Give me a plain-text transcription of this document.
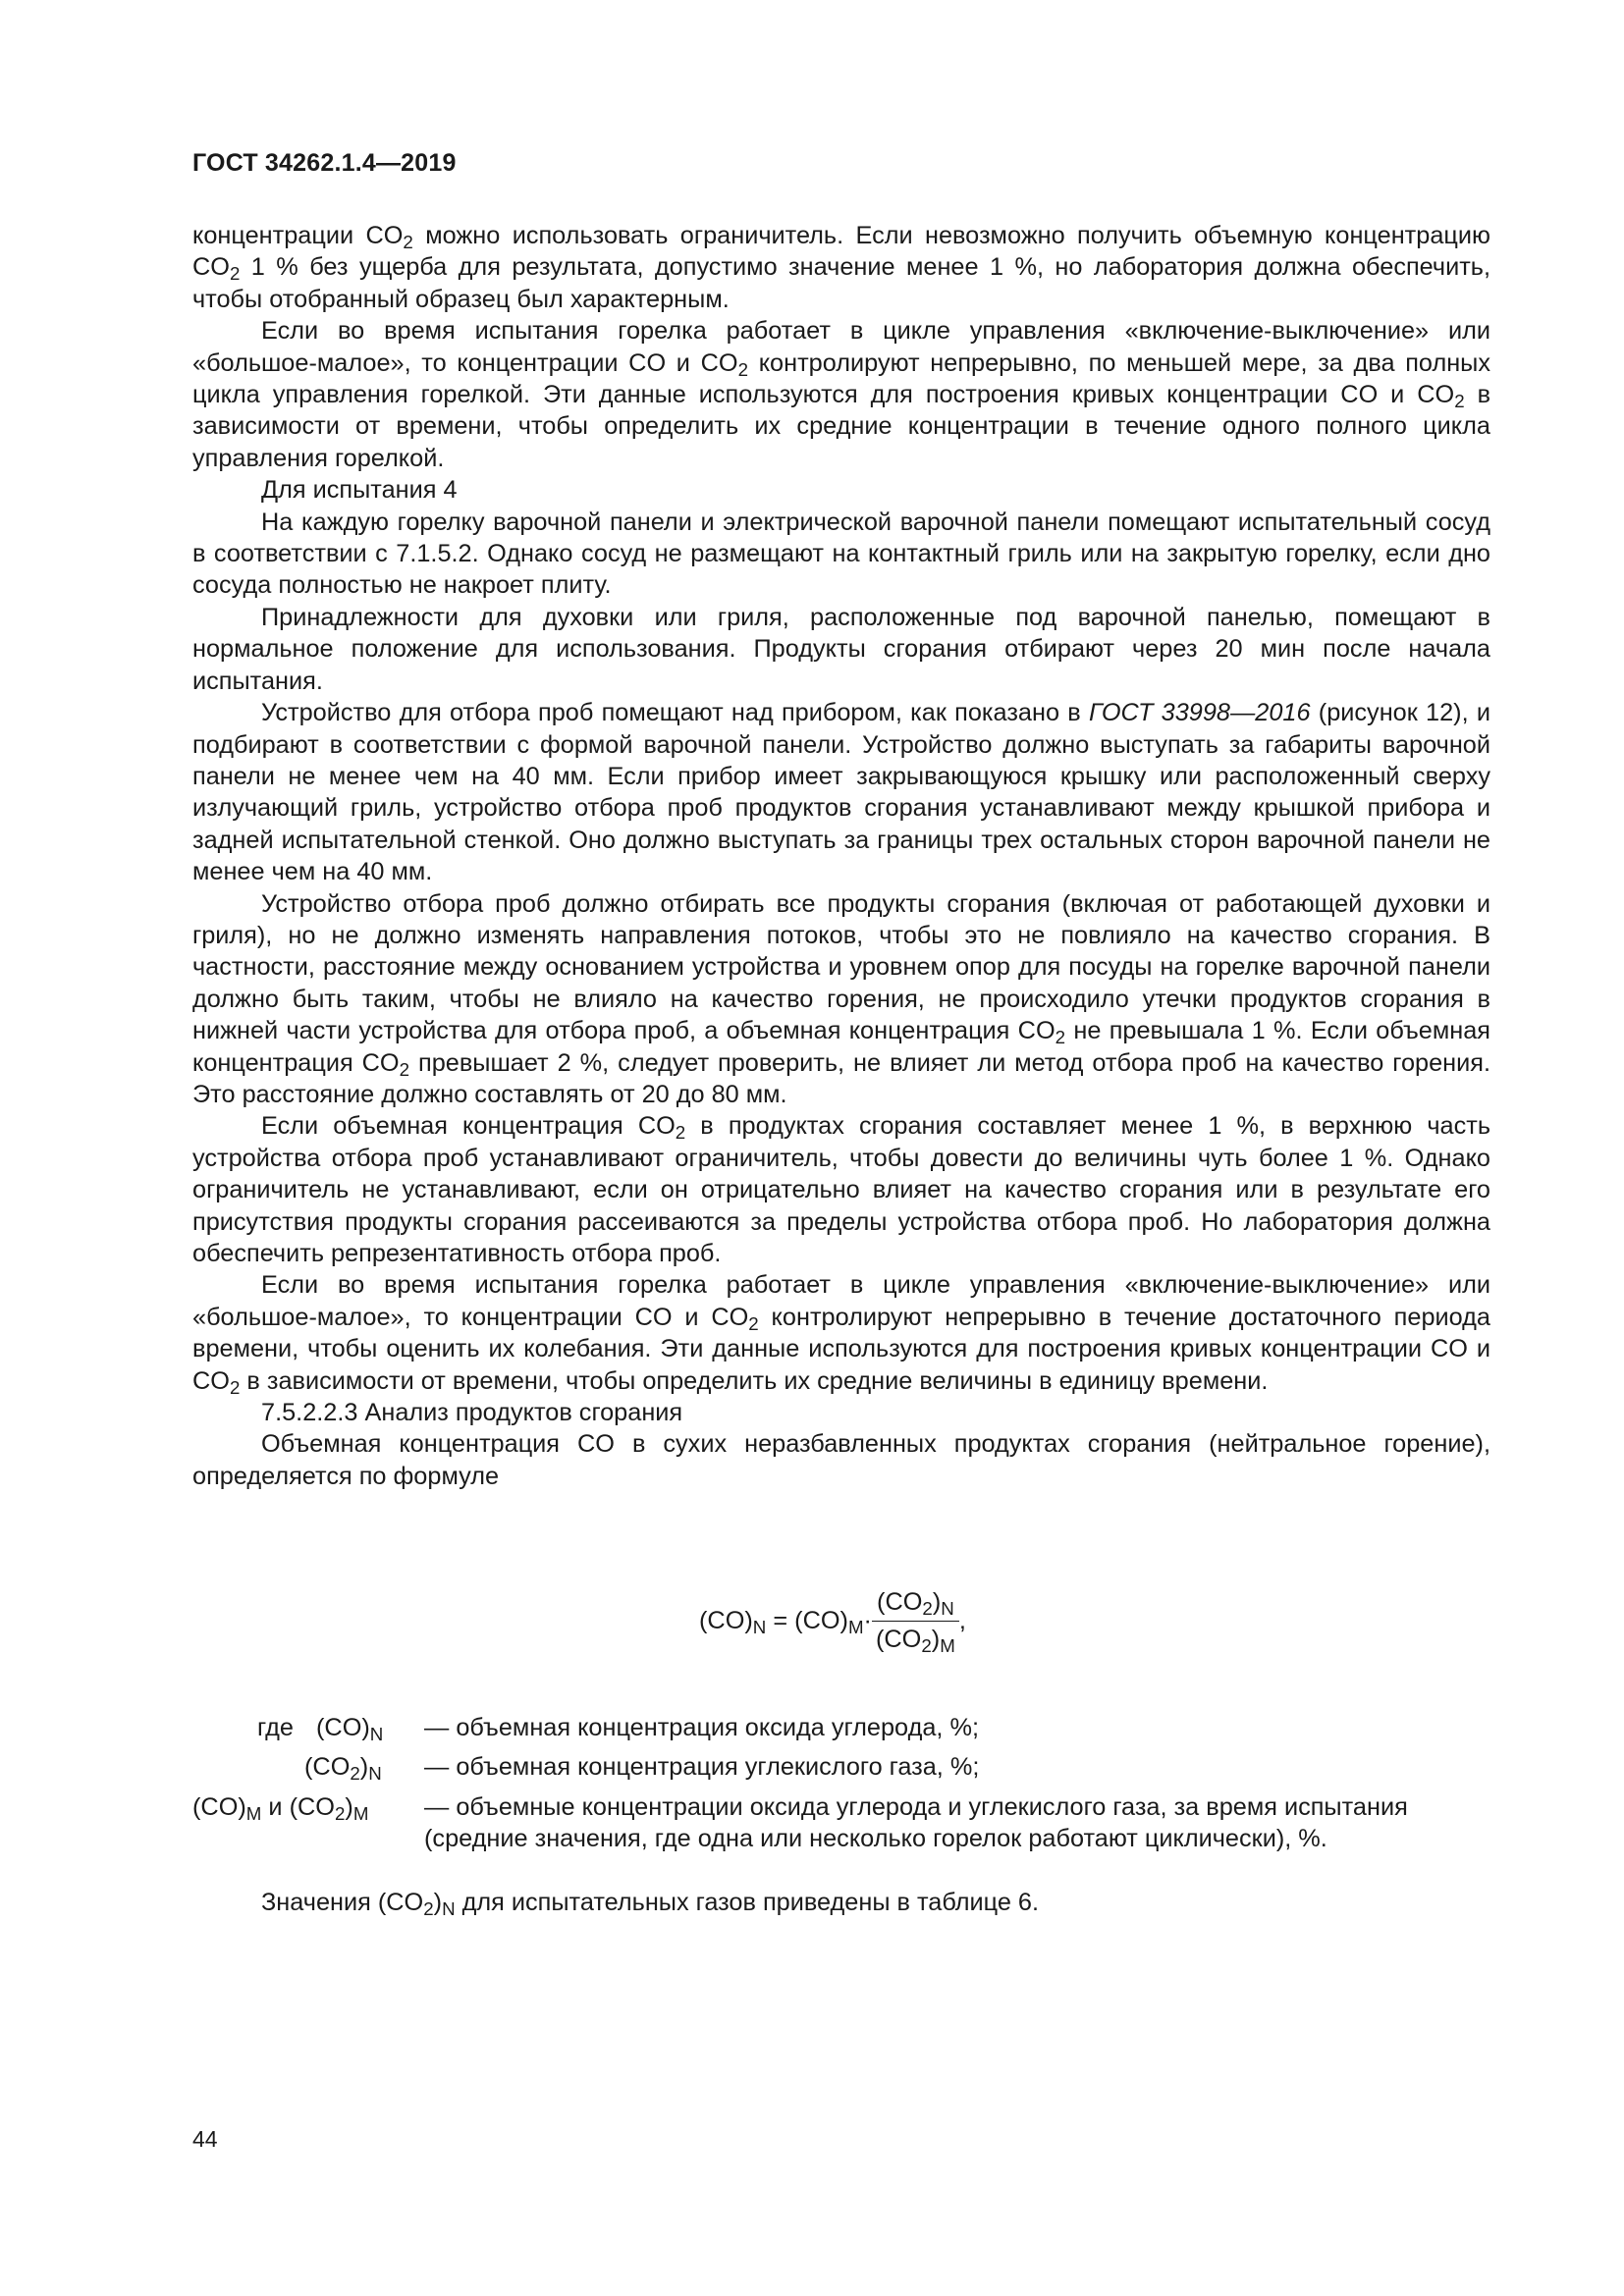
ГОСТ 34262.1.4—2019

концентрации $CO_2$ можно использовать ограничитель. Если невозможно получить объемную концентрацию $CO_2$ 1 % без ущерба для результата, допустимо значение менее 1 %, но лаборатория должна обеспечить, чтобы отобранный образец был характерным.

Если во время испытания горелка работает в цикле управления «включение-выключение» или «большое-малое», то концентрации CO и $CO_2$ контролируют непрерывно, по меньшей мере, за два полных цикла управления горелкой. Эти данные используются для построения кривых концентрации CO и $CO_2$ в зависимости от времени, чтобы определить их средние концентрации в течение одного полного цикла управления горелкой.

Для испытания 4

На каждую горелку варочной панели и электрической варочной панели помещают испытательный сосуд в соответствии с 7.1.5.2. Однако сосуд не размещают на контактный гриль или на закрытую горелку, если дно сосуда полностью не накроет плиту.

Принадлежности для духовки или гриля, расположенные под варочной панелью, помещают в нормальное положение для использования. Продукты сгорания отбирают через 20 мин после начала испытания.

Устройство для отбора проб помещают над прибором, как показано в ГОСТ 33998—2016 (рисунок 12), и подбирают в соответствии с формой варочной панели. Устройство должно выступать за габариты варочной панели не менее чем на 40 мм. Если прибор имеет закрывающуюся крышку или расположенный сверху излучающий гриль, устройство отбора проб продуктов сгорания устанавливают между крышкой прибора и задней испытательной стенкой. Оно должно выступать за границы трех остальных сторон варочной панели не менее чем на 40 мм.

Устройство отбора проб должно отбирать все продукты сгорания (включая от работающей духовки и гриля), но не должно изменять направления потоков, чтобы это не повлияло на качество сгорания. В частности, расстояние между основанием устройства и уровнем опор для посуды на горелке варочной панели должно быть таким, чтобы не влияло на качество горения, не происходило утечки продуктов сгорания в нижней части устройства для отбора проб, а объемная концентрация $CO_2$ не превышала 1 %. Если объемная концентрация $CO_2$ превышает 2 %, следует проверить, не влияет ли метод отбора проб на качество горения. Это расстояние должно составлять от 20 до 80 мм.

Если объемная концентрация $CO_2$ в продуктах сгорания составляет менее 1 %, в верхнюю часть устройства отбора проб устанавливают ограничитель, чтобы довести до величины чуть более 1 %. Однако ограничитель не устанавливают, если он отрицательно влияет на качество сгорания или в результате его присутствия продукты сгорания рассеиваются за пределы устройства отбора проб. Но лаборатория должна обеспечить репрезентативность отбора проб.

Если во время испытания горелка работает в цикле управления «включение-выключение» или «большое-малое», то концентрации CO и $CO_2$ контролируют непрерывно в течение достаточного периода времени, чтобы оценить их колебания. Эти данные используются для построения кривых концентрации CO и $CO_2$ в зависимости от времени, чтобы определить их средние величины в единицу времени.

7.5.2.2.3 Анализ продуктов сгорания

Объемная концентрация CO в сухих неразбавленных продуктах сгорания (нейтральное горение), определяется по формуле

$(CO)_N = (CO)_M\cdot \frac{(CO_2)_N}{(CO_2)_M}$ ,
где $(CO)_N$ — объемная концентрация оксида углерода, %;
$(CO_2)_N$ — объемная концентрация углекислого газа, %;
$(CO)_M$ и $(CO_2)_M$ — объемные концентрации оксида углерода и углекислого газа, за время испытания (средние значения, где одна или несколько горелок работают циклически), %.
Значения $(CO_2)_N$ для испытательных газов приведены в таблице 6.
44
